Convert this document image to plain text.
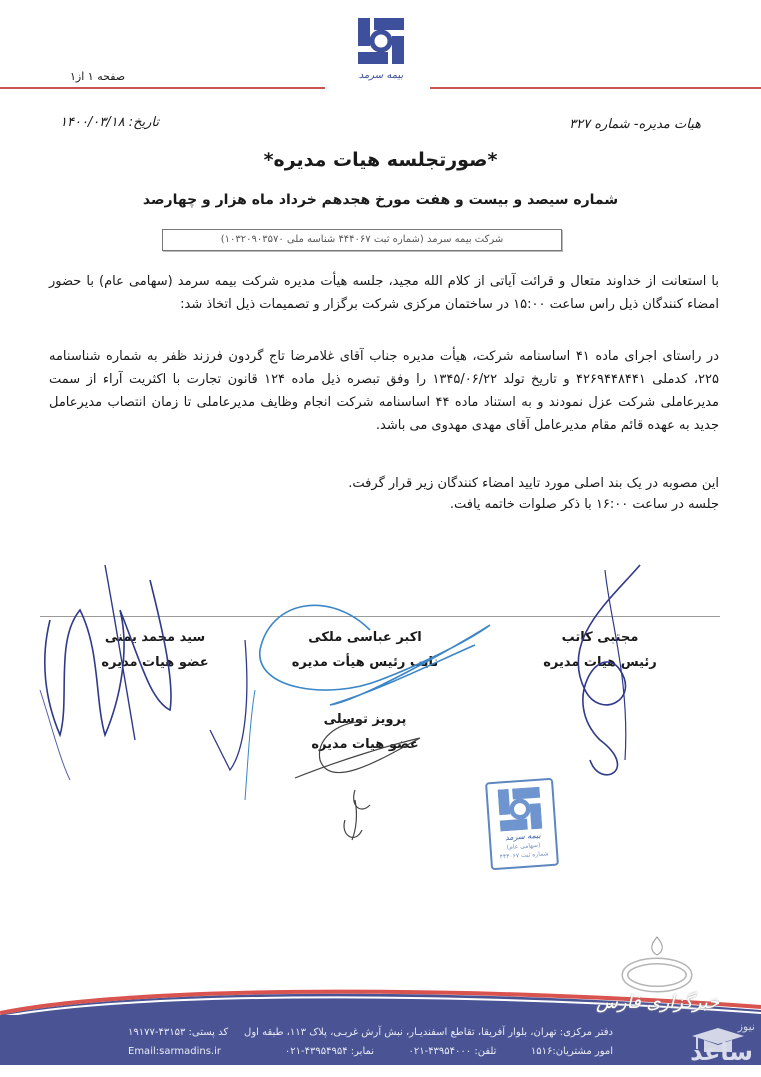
بیمه سرمد
صفحه ۱ از۱
تاریخ: ۱۴۰۰/۰۳/۱۸	هیات مدیره- شماره ۳۲۷
*صورتجلسه هیات مدیره*
شماره سیصد و بیست و هفت مورخ هجدهم خرداد ماه هزار و چهارصد
شرکت بیمه سرمد (شماره ثبت ۴۴۴۰۶۷ شناسه ملی ۱۰۳۲۰۹۰۳۵۷۰)
با استعانت از خداوند متعال و قرائت آیاتی از کلام الله مجید، جلسه هیأت مدیره شرکت بیمه سرمد (سهامی عام) با حضور امضاء کنندگان ذیل راس ساعت ۱۵:۰۰ در ساختمان مرکزی شرکت برگزار و تصمیمات ذیل اتخاذ شد:
در راستای اجرای ماده ۴۱ اساسنامه شرکت، هیأت مدیره جناب آقای غلامرضا تاج گردون فرزند ظفر به شماره شناسنامه ۲۲۵، کدملی ۴۲۶۹۴۴۸۴۴۱ و تاریخ تولد ۱۳۴۵/۰۶/۲۲ را وفق تبصره ذیل ماده ۱۲۴ قانون تجارت با اکثریت آراء از سمت مدیرعاملی شرکت عزل نمودند و به استناد ماده ۴۴ اساسنامه شرکت انجام وظایف مدیرعاملی تا زمان انتصاب مدیرعامل جدید به عهده قائم مقام مدیرعامل آقای مهدی مهدوی می باشد.
این مصوبه در یک بند اصلی مورد تایید امضاء کنندگان زیر قرار گرفت.
جلسه در ساعت ۱۶:۰۰ با ذکر صلوات خاتمه یافت.
مجتبی کاتب
رئیس هیات مدیره
اکبر عباسی ملکی
نایب رئیس هیأت مدیره
سید محمد یمنی
عضو هیات مدیره
پرویز توسلی
عضو هیات مدیره
بیمه سرمد
(سهامی عام)
شماره ثبت ۴۴۴۰۶۷
خبرگزاری فارس
دفتر مرکزی: تهران، بلوار آفریقا، تقاطع اسفندیـار، نبش آرش غربـی، پلاک ۱۱۳، طبقه اول
امور مشتریان:۱۵۱۶  تلفن: ۴۳۹۵۴۰۰۰-۰۲۱  نمابر: ۴۳۹۵۴۹۵۴-۰۲۱
کد پستی: ۴۳۱۵۳-۱۹۱۷۷
Email:sarmadins.ir
نیوز
ساعد
